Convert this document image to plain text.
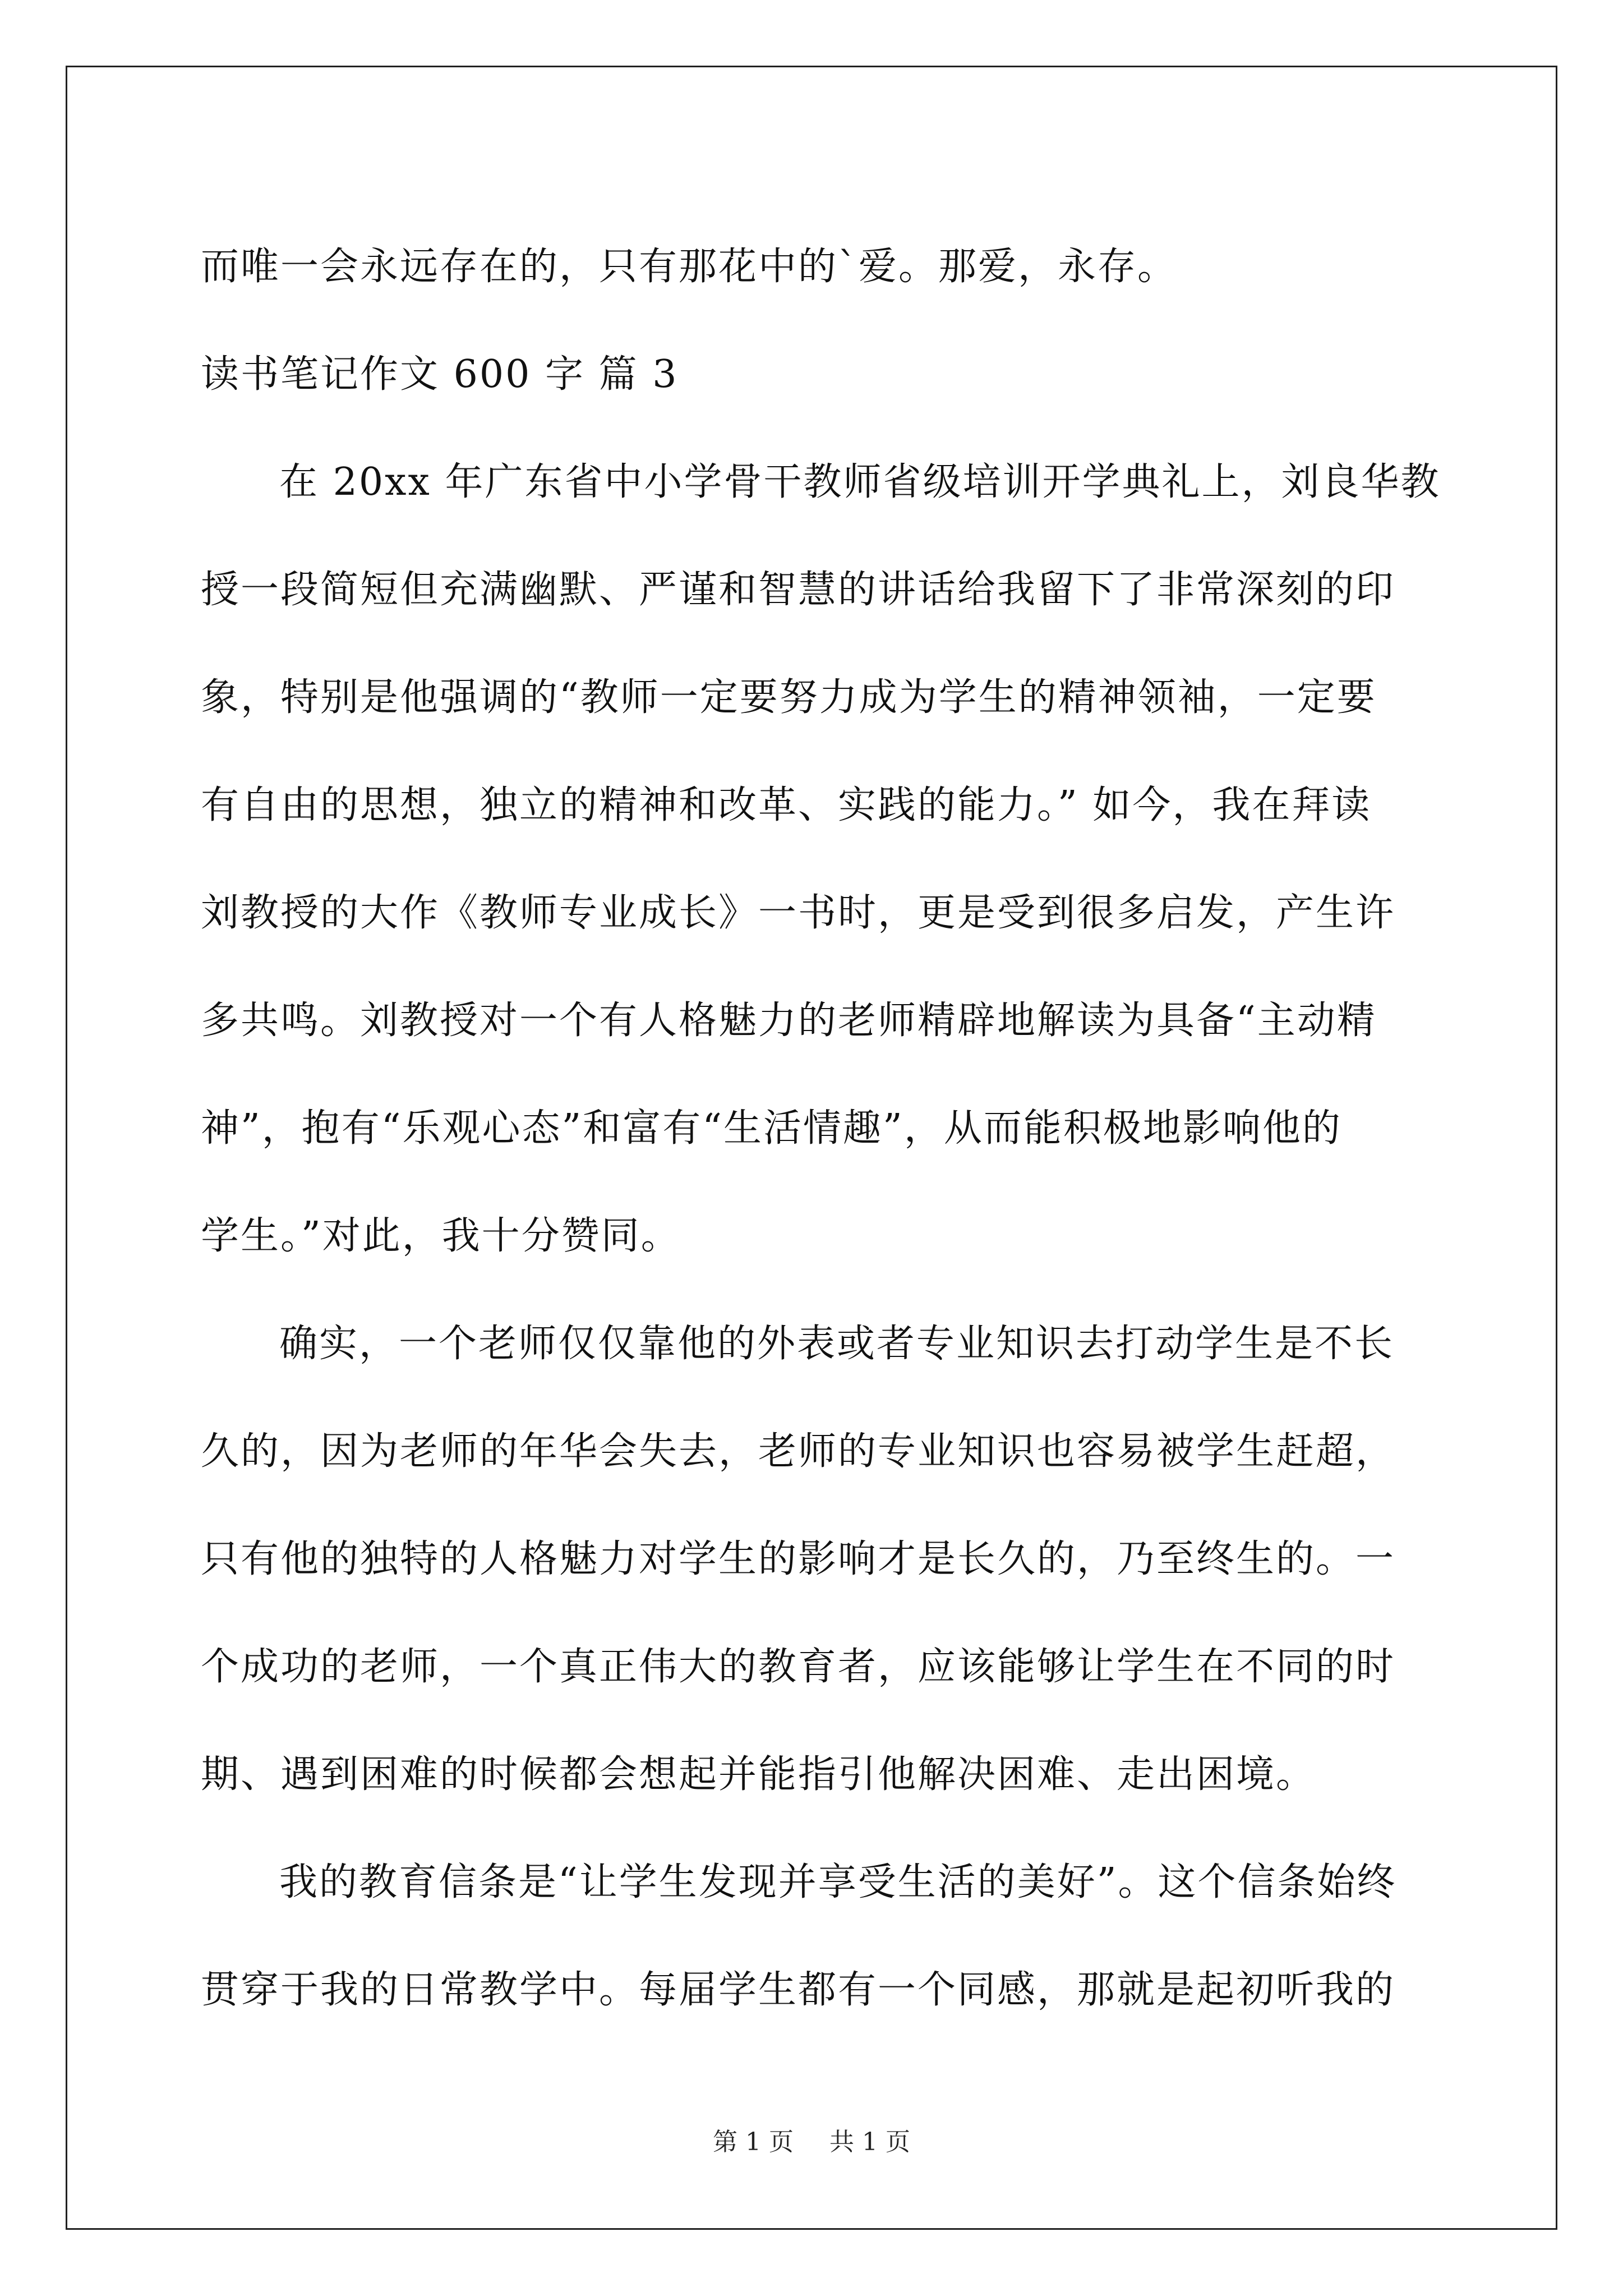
而唯一会永远存在的，只有那花中的`爱。那爱，永存。
读书笔记作文 600 字 篇 3
在 20xx 年广东省中小学骨干教师省级培训开学典礼上，刘良华教
授一段简短但充满幽默、严谨和智慧的讲话给我留下了非常深刻的印
象，特别是他强调的“教师一定要努力成为学生的精神领袖，一定要
有自由的思想，独立的精神和改革、实践的能力。” 如今，我在拜读
刘教授的大作《教师专业成长》一书时，更是受到很多启发，产生许
多共鸣。刘教授对一个有人格魅力的老师精辟地解读为具备“主动精
神”，抱有“乐观心态”和富有“生活情趣”，从而能积极地影响他的
学生。”对此，我十分赞同。
确实，一个老师仅仅靠他的外表或者专业知识去打动学生是不长
久的，因为老师的年华会失去，老师的专业知识也容易被学生赶超，
只有他的独特的人格魅力对学生的影响才是长久的，乃至终生的。一
个成功的老师，一个真正伟大的教育者，应该能够让学生在不同的时
期、遇到困难的时候都会想起并能指引他解决困难、走出困境。
我的教育信条是“让学生发现并享受生活的美好”。这个信条始终
贯穿于我的日常教学中。每届学生都有一个同感，那就是起初听我的
第 1 页 共 1 页
